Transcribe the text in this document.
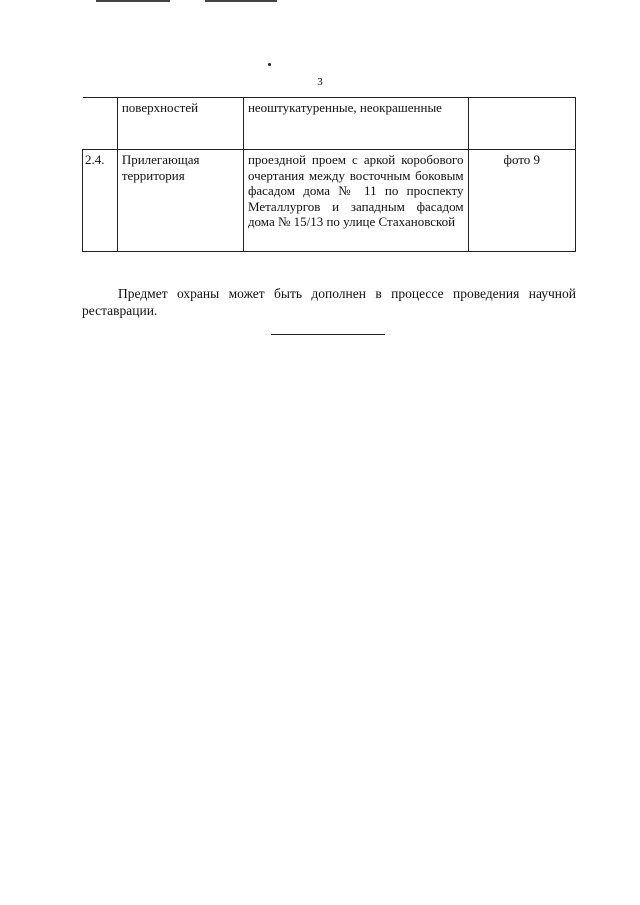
3
	поверхностей	неоштукатуренные, неокрашенные	
2.4.	Прилегающая территория	проездной проем с аркой коробового очертания между восточным боковым фасадом дома № 11 по проспекту Металлургов и западным фасадом дома № 15/13 по улице Стахановской	фото 9

Предмет охраны может быть дополнен в процессе проведения научной реставрации.
